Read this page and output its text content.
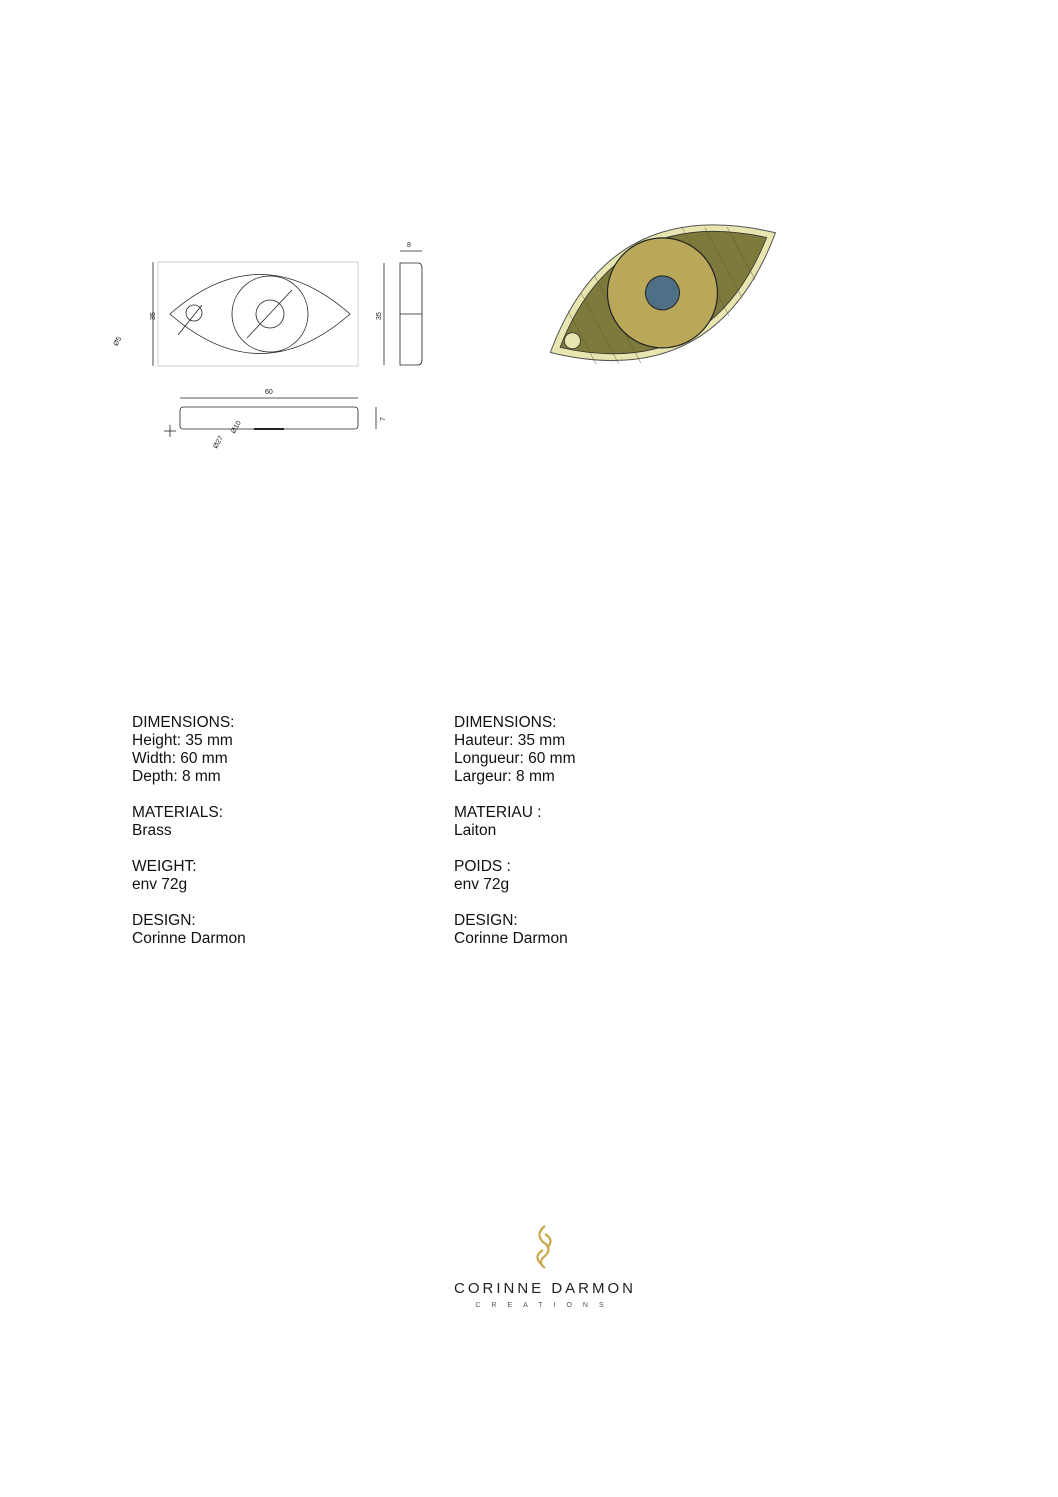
35
Ø5
Ø27
Ø10
8
35
60
7
DIMENSIONS:
Height: 35 mm
Width: 60 mm
Depth: 8 mm
MATERIALS:
Brass
WEIGHT:
env 72g
DESIGN:
Corinne Darmon
DIMENSIONS:
Hauteur: 35 mm
Longueur: 60 mm
Largeur: 8 mm
MATERIAU :
Laiton
POIDS :
env 72g
DESIGN:
Corinne Darmon
CORINNE DARMON
CREATIONS
